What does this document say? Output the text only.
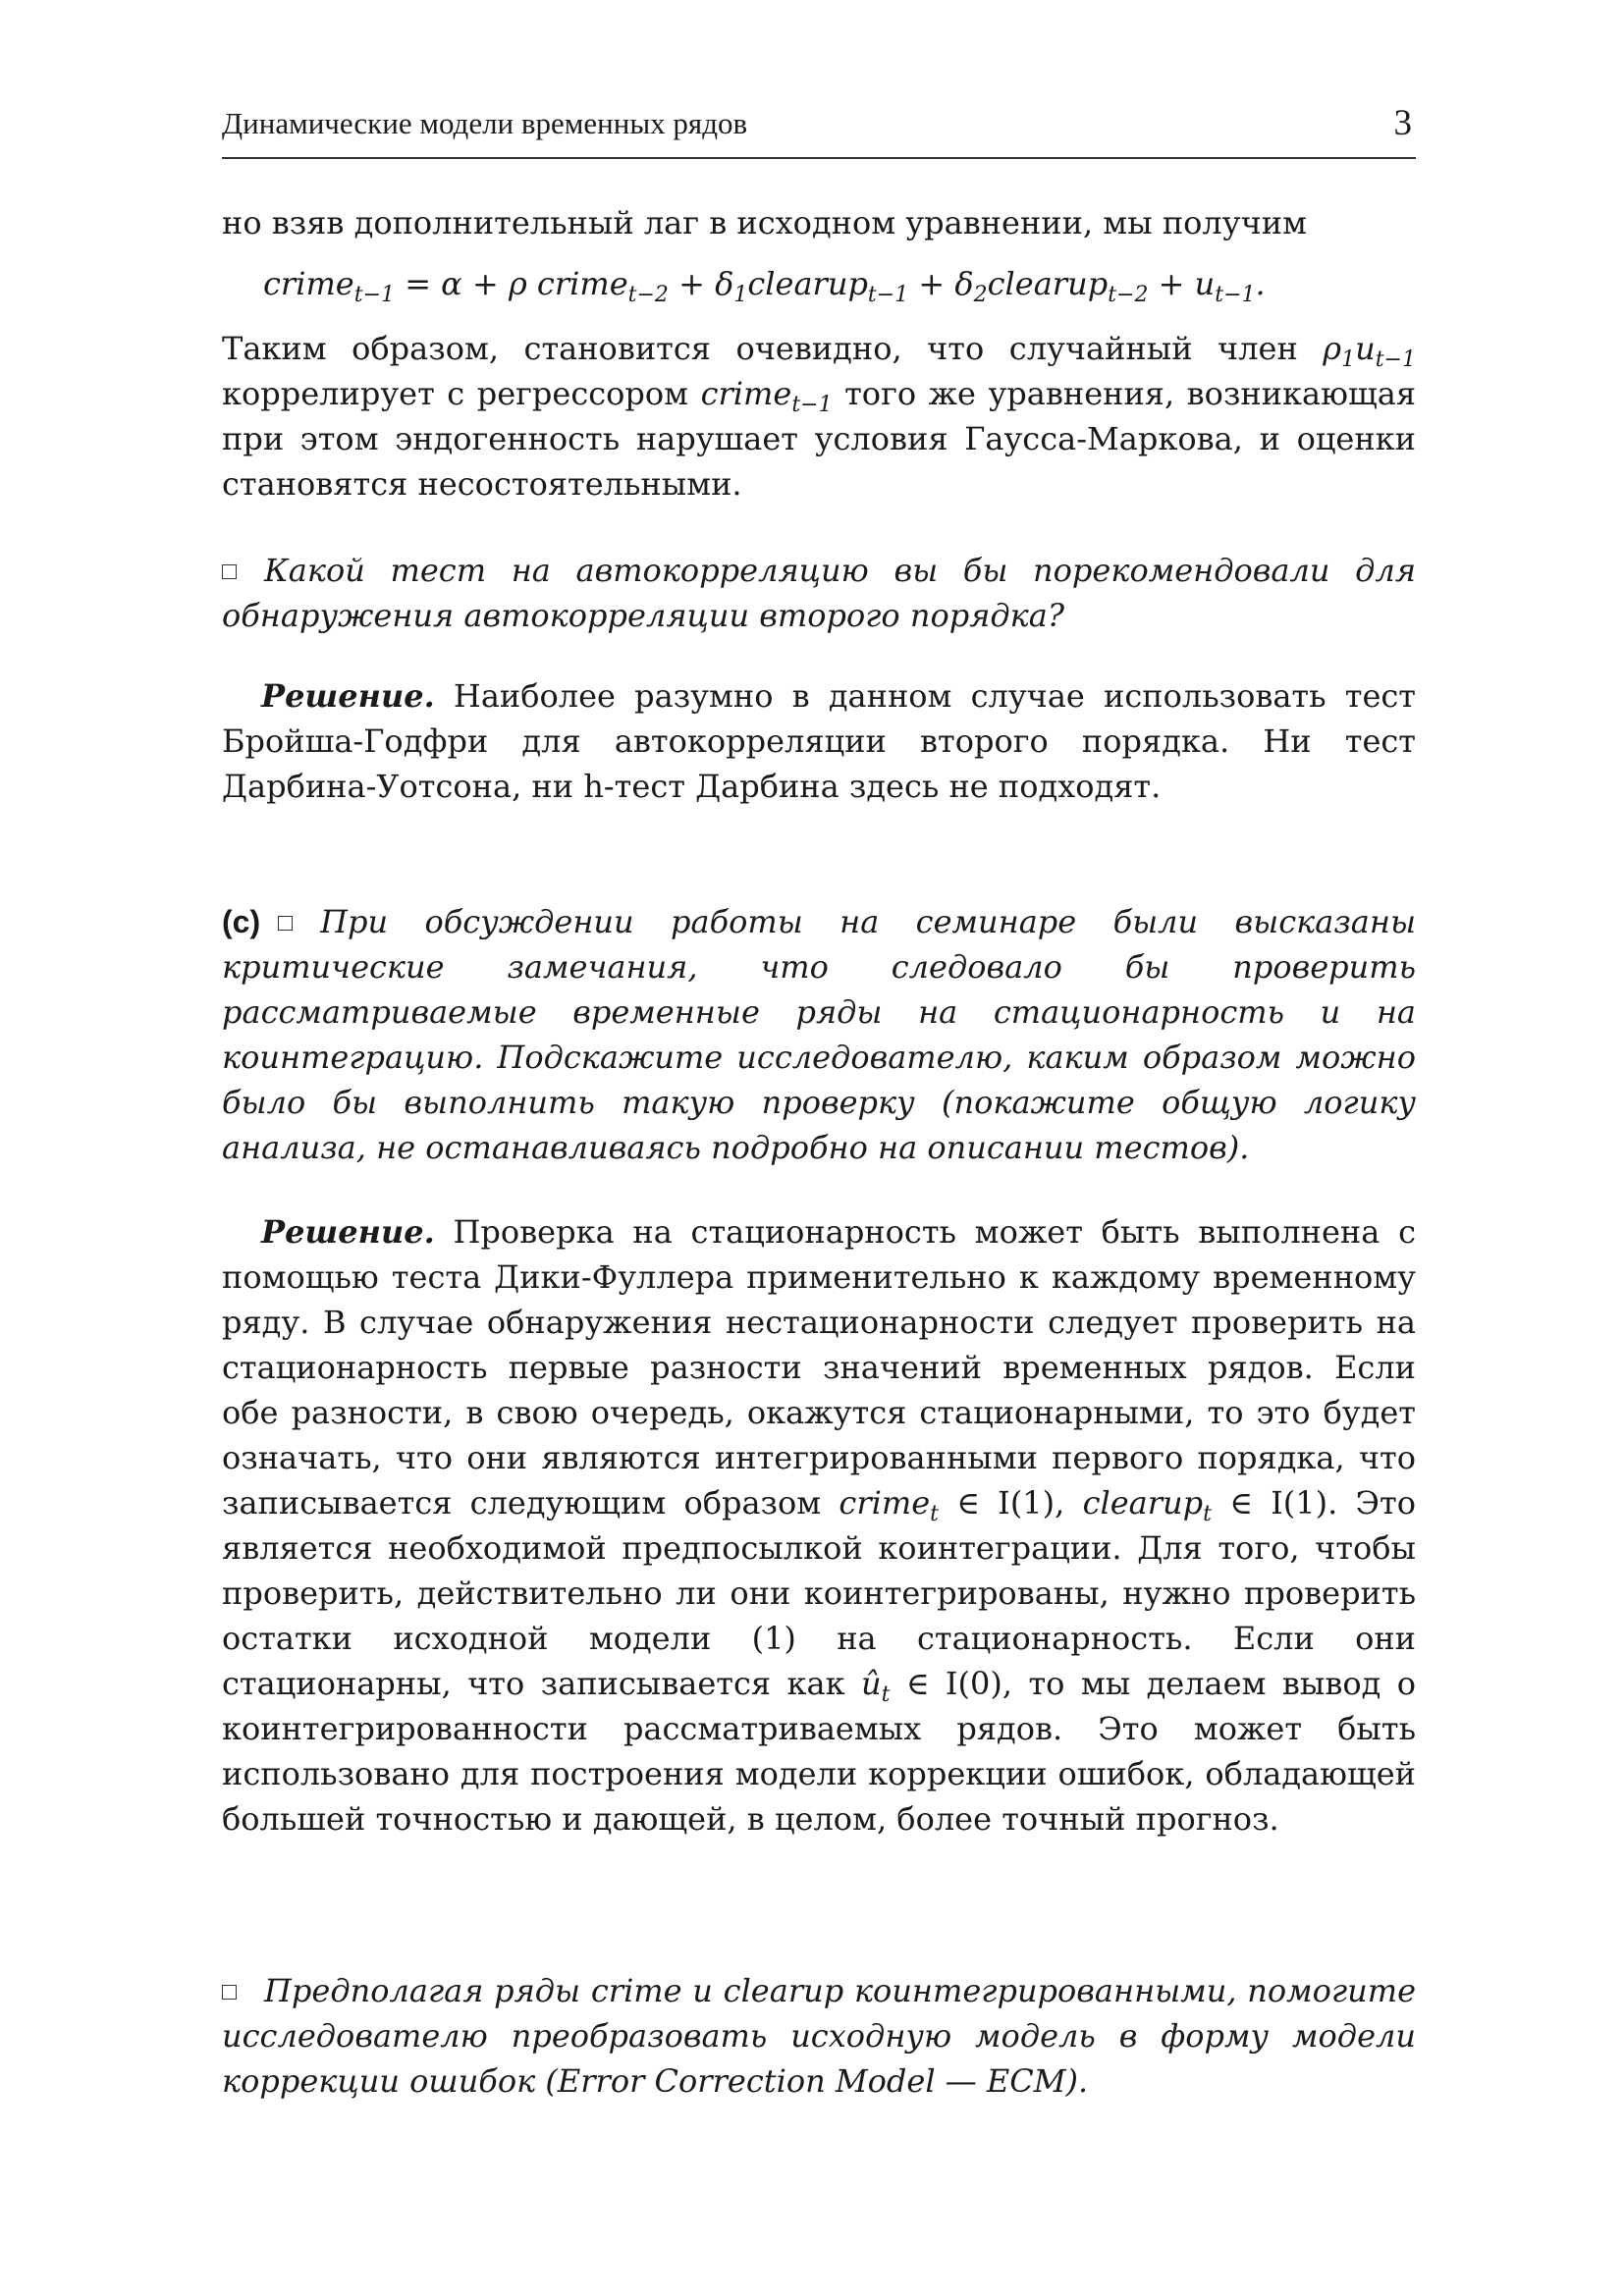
Динамические модели временных рядов	3
но взяв дополнительный лаг в исходном уравнении, мы получим
crime$_{t-1}$ = α + ρ crime$_{t-2}$ + $\delta_1clearup_{t-1}$ + $\delta_2clearup_{t-2} + u_{t-1}$.
Таким образом, становится очевидно, что случайный член $\rho_1u_{t-1}$ коррелирует с регрессором crime$_{t-1}$ того же уравнения, возникающая при этом эндогенность нарушает условия Гаусса-Маркова, и оценки становятся несостоятельными.
Какой тест на автокорреляцию вы бы порекомендовали для обнаружения автокорреляции второго порядка?
Решение. Наиболее разумно в данном случае использовать тест Бройша-Годфри для автокорреляции второго порядка. Ни тест Дарбина-Уотсона, ни h-тест Дарбина здесь не подходят.
(c) При обсуждении работы на семинаре были высказаны критические замечания, что следовало бы проверить рассматриваемые временные ряды на стационарность и на коинтеграцию. Подскажите исследователю, каким образом можно было бы выполнить такую проверку (покажите общую логику анализа, не останавливаясь подробно на описании тестов).
Решение. Проверка на стационарность может быть выполнена с помощью теста Дики-Фуллера применительно к каждому временному ряду. В случае обнаружения нестационарности следует проверить на стационарность первые разности значений временных рядов. Если обе разности, в свою очередь, окажутся стационарными, то это будет означать, что они являются интегрированными первого порядка, что записывается следующим образом crime$_t$ ∈ I(1), clearup$_t$ ∈ I(1). Это является необходимой предпосылкой коинтеграции. Для того, чтобы проверить, действительно ли они коинтегрированы, нужно проверить остатки исходной модели (1) на стационарность. Если они стационарны, что записывается как $û_t$ ∈ I(0), то мы делаем вывод о коинтегрированности рассматриваемых рядов. Это может быть использовано для построения модели коррекции ошибок, обладающей большей точностью и дающей, в целом, более точный прогноз.
Предполагая ряды crime и clearup коинтегрированными, помогите исследователю преобразовать исходную модель в форму модели коррекции ошибок (Error Correction Model — ECM).
